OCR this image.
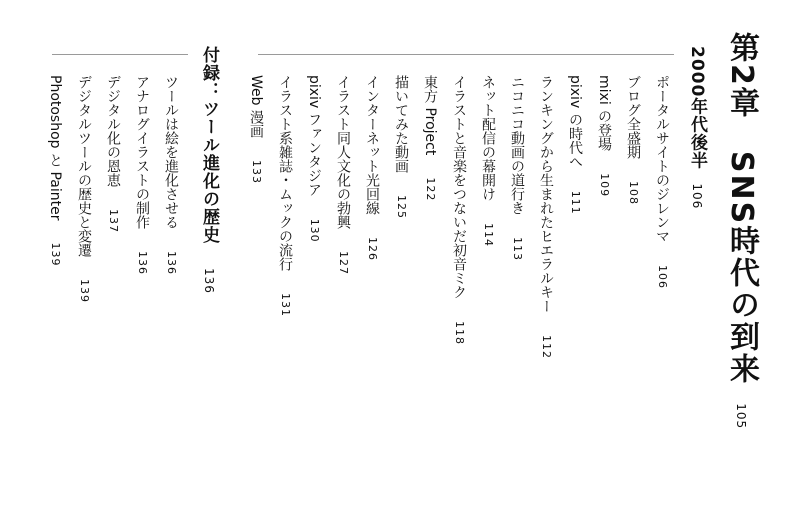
第2章　SNS時代の到来105
2000年代後半106
ポータルサイトのジレンマ106
ブログ全盛期108
mixi の登場109
pixiv の時代へ111
ランキングから生まれたヒエラルキー112
ニコニコ動画の道行き113
ネット配信の幕開け114
イラストと音楽をつないだ初音ミク118
東方 Project122
描いてみた動画125
インターネット光回線126
イラスト同人文化の勃興127
pixiv ファンタジア130
イラスト系雑誌・ムックの流行131
Web 漫画133
付録：ツール進化の歴史136
ツールは絵を進化させる136
アナログイラストの制作136
デジタル化の恩恵137
デジタルツールの歴史と変遷139
Photoshop と Painter139
